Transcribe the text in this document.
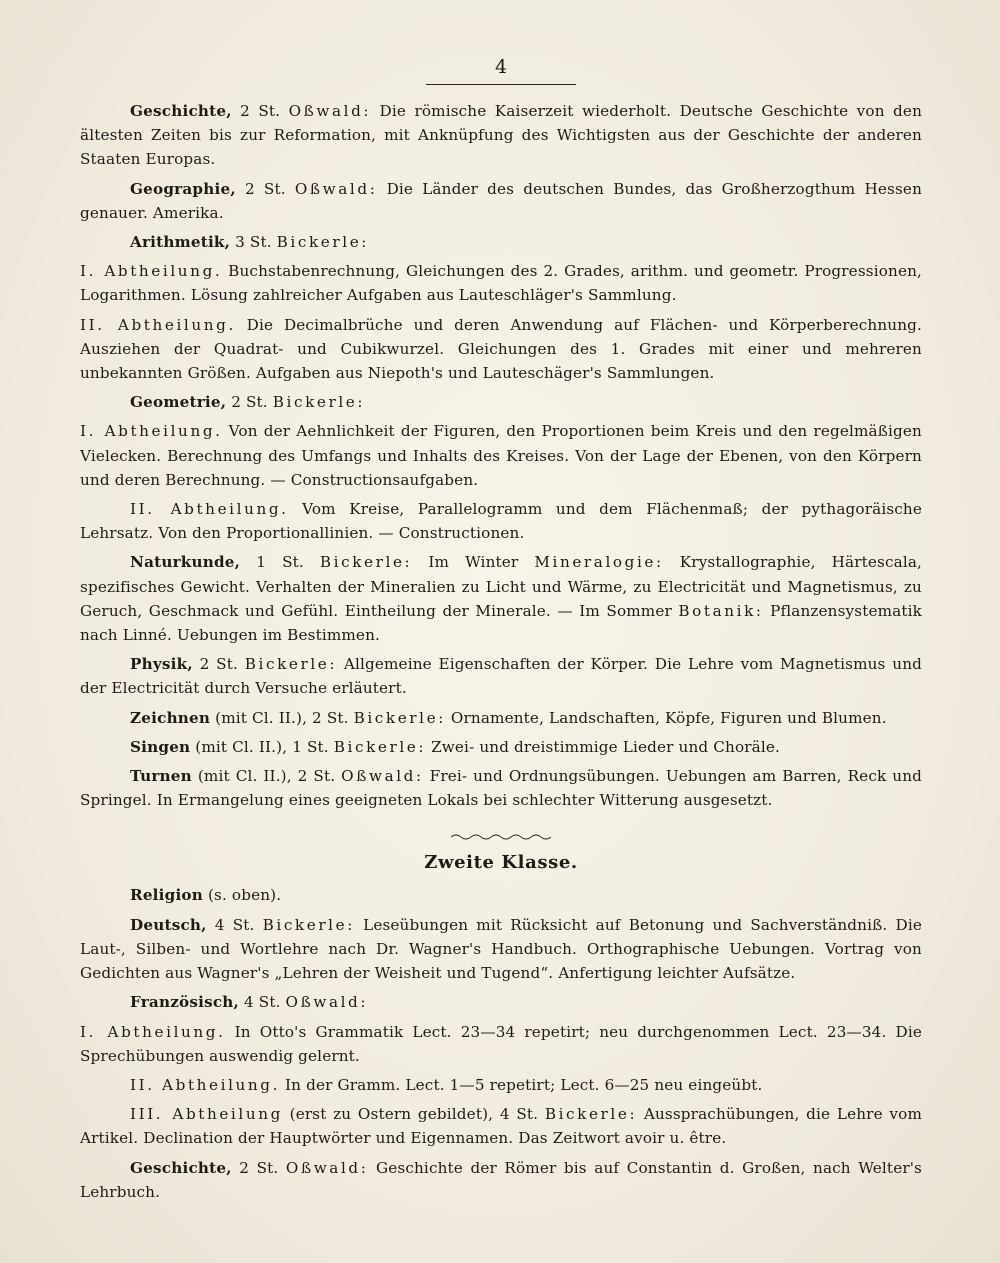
4

Geschichte, 2 St. Oßwald: Die römische Kaiserzeit wiederholt. Deutsche Geschichte von den ältesten Zeiten bis zur Reformation, mit Anknüpfung des Wichtigsten aus der Geschichte der anderen Staaten Europas.

Geographie, 2 St. Oßwald: Die Länder des deutschen Bundes, das Großherzogthum Hessen genauer. Amerika.

Arithmetik, 3 St. Bickerle:

I. Abtheilung. Buchstabenrechnung, Gleichungen des 2. Grades, arithm. und geometr. Progressionen, Logarithmen. Lösung zahlreicher Aufgaben aus Lauteschläger's Sammlung.

II. Abtheilung. Die Decimalbrüche und deren Anwendung auf Flächen- und Körperberechnung. Ausziehen der Quadrat- und Cubikwurzel. Gleichungen des 1. Grades mit einer und mehreren unbekannten Größen. Aufgaben aus Niepoth's und Lauteschäger's Sammlungen.

Geometrie, 2 St. Bickerle:

I. Abtheilung. Von der Aehnlichkeit der Figuren, den Proportionen beim Kreis und den regelmäßigen Vielecken. Berechnung des Umfangs und Inhalts des Kreises. Von der Lage der Ebenen, von den Körpern und deren Berechnung. — Constructionsaufgaben.

II. Abtheilung. Vom Kreise, Parallelogramm und dem Flächenmaß; der pythagoräische Lehrsatz. Von den Proportionallinien. — Constructionen.

Naturkunde, 1 St. Bickerle: Im Winter Mineralogie: Krystallographie, Härtescala, spezifisches Gewicht. Verhalten der Mineralien zu Licht und Wärme, zu Electricität und Magnetismus, zu Geruch, Geschmack und Gefühl. Eintheilung der Minerale. — Im Sommer Botanik: Pflanzensystematik nach Linné. Uebungen im Bestimmen.

Physik, 2 St. Bickerle: Allgemeine Eigenschaften der Körper. Die Lehre vom Magnetismus und der Electricität durch Versuche erläutert.

Zeichnen (mit Cl. II.), 2 St. Bickerle: Ornamente, Landschaften, Köpfe, Figuren und Blumen.

Singen (mit Cl. II.), 1 St. Bickerle: Zwei- und dreistimmige Lieder und Choräle.

Turnen (mit Cl. II.), 2 St. Oßwald: Frei- und Ordnungsübungen. Uebungen am Barren, Reck und Springel. In Ermangelung eines geeigneten Lokals bei schlechter Witterung ausgesetzt.

Zweite Klasse.

Religion (s. oben).

Deutsch, 4 St. Bickerle: Leseübungen mit Rücksicht auf Betonung und Sachverständniß. Die Laut-, Silben- und Wortlehre nach Dr. Wagner's Handbuch. Orthographische Uebungen. Vortrag von Gedichten aus Wagner's „Lehren der Weisheit und Tugend“. Anfertigung leichter Aufsätze.

Französisch, 4 St. Oßwald:

I. Abtheilung. In Otto's Grammatik Lect. 23—34 repetirt; neu durchgenommen Lect. 23—34. Die Sprechübungen auswendig gelernt.

II. Abtheilung. In der Gramm. Lect. 1—5 repetirt; Lect. 6—25 neu eingeübt.

III. Abtheilung (erst zu Ostern gebildet), 4 St. Bickerle: Aussprachübungen, die Lehre vom Artikel. Declination der Hauptwörter und Eigennamen. Das Zeitwort avoir u. être.

Geschichte, 2 St. Oßwald: Geschichte der Römer bis auf Constantin d. Großen, nach Welter's Lehrbuch.
